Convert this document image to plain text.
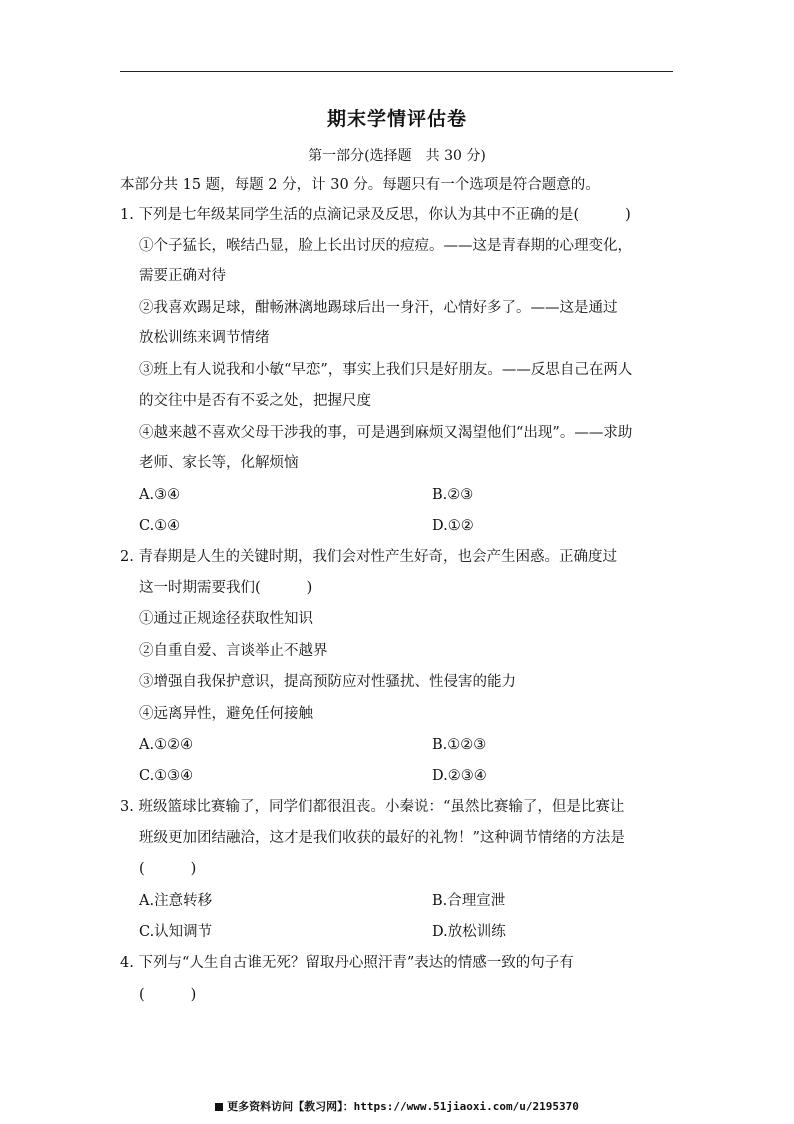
期末学情评估卷
第一部分(选择题　共 30 分)
本部分共 15 题，每题 2 分，计 30 分。每题只有一个选项是符合题意的。
1. 下列是七年级某同学生活的点滴记录及反思，你认为其中不正确的是(	)
①个子猛长，喉结凸显，脸上长出讨厌的痘痘。——这是青春期的心理变化，
需要正确对待
②我喜欢踢足球，酣畅淋漓地踢球后出一身汗，心情好多了。——这是通过
放松训练来调节情绪
③班上有人说我和小敏“早恋”，事实上我们只是好朋友。——反思自己在两人
的交往中是否有不妥之处，把握尺度
④越来越不喜欢父母干涉我的事，可是遇到麻烦又渴望他们“出现”。——求助
老师、家长等，化解烦恼
A.③④	B.②③
C.①④	D.①②
2. 青春期是人生的关键时期，我们会对性产生好奇，也会产生困惑。正确度过
这一时期需要我们(	)
①通过正规途径获取性知识
②自重自爱、言谈举止不越界
③增强自我保护意识，提高预防应对性骚扰、性侵害的能力
④远离异性，避免任何接触
A.①②④	B.①②③
C.①③④	D.②③④
3. 班级篮球比赛输了，同学们都很沮丧。小秦说：“虽然比赛输了，但是比赛让
班级更加团结融洽，这才是我们收获的最好的礼物！”这种调节情绪的方法是
(	)
A.注意转移	B.合理宣泄
C.认知调节	D.放松训练
4. 下列与“人生自古谁无死？留取丹心照汗青”表达的情感一致的句子有
(	)
更多资料访问【教习网】：https://www.51jiaoxi.com/u/2195370
